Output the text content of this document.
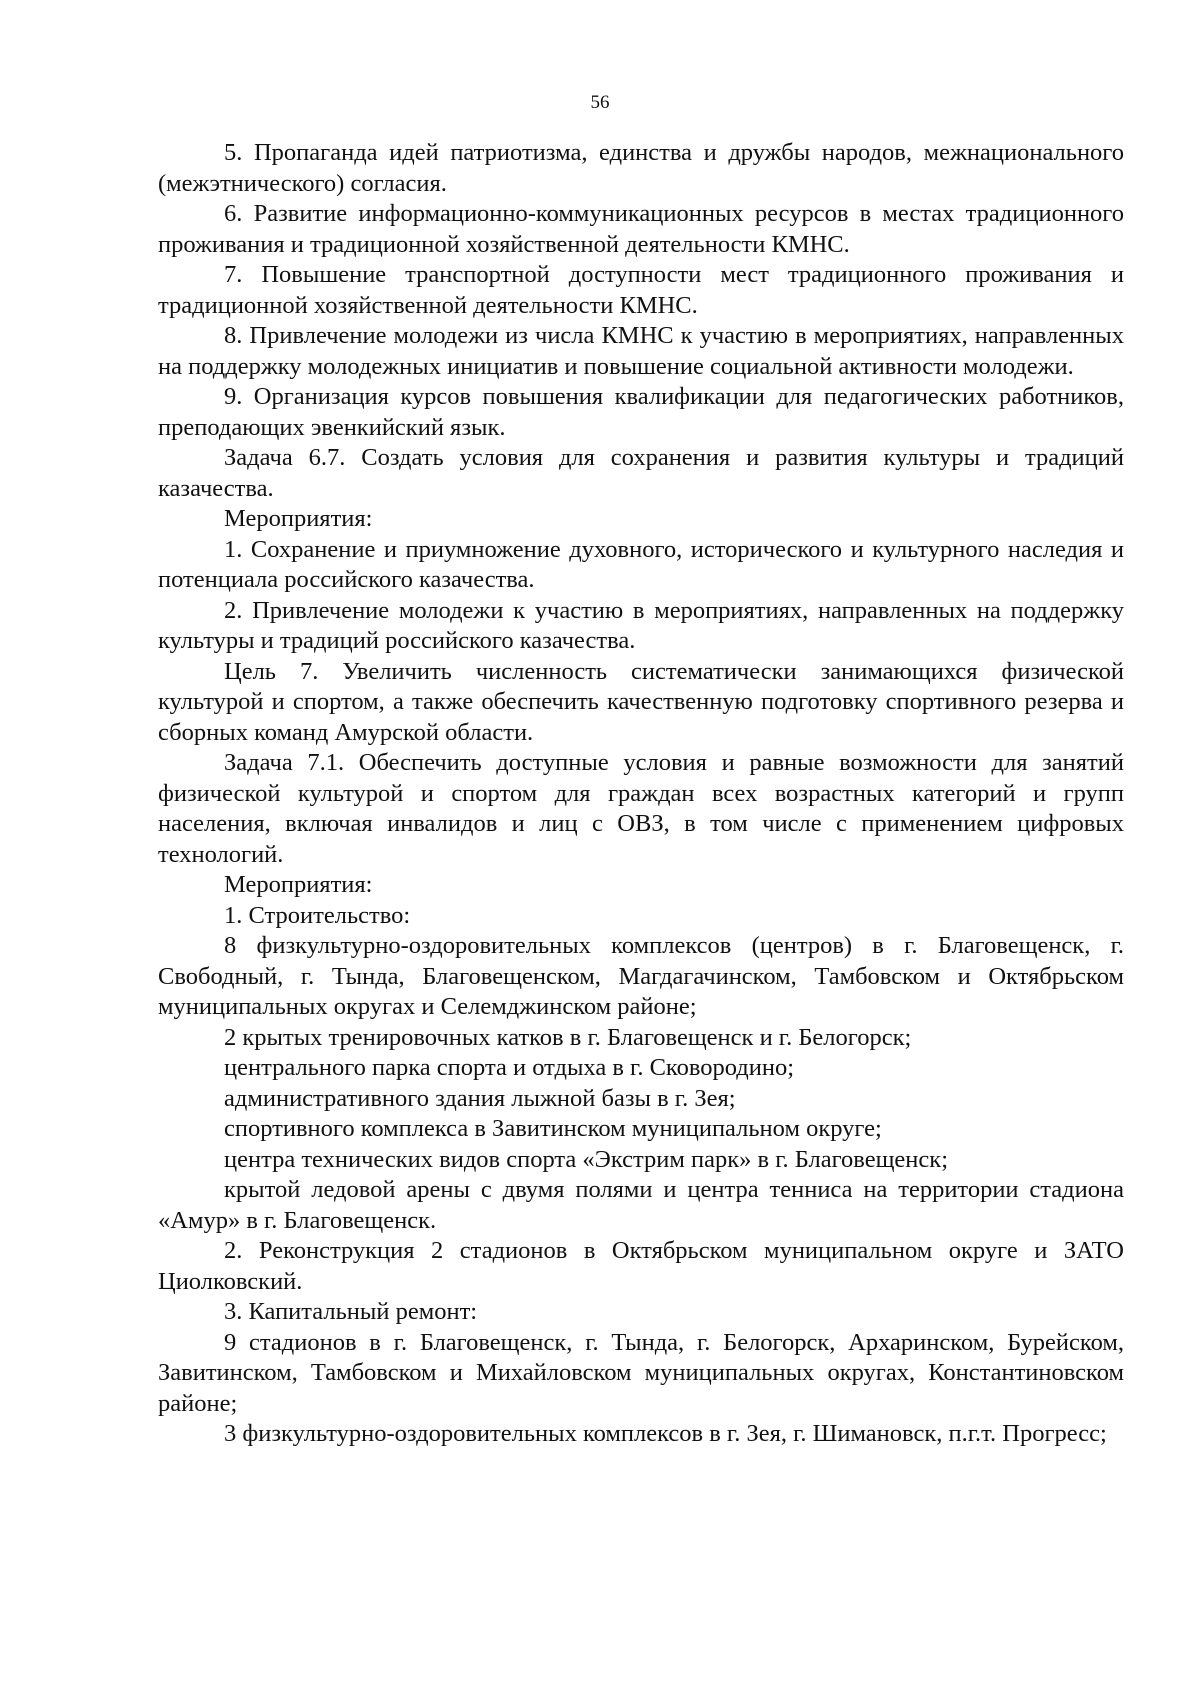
56

5. Пропаганда идей патриотизма, единства и дружбы народов, межнационального (межэтнического) согласия.

6. Развитие информационно-коммуникационных ресурсов в местах традиционного проживания и традиционной хозяйственной деятельности КМНС.

7. Повышение транспортной доступности мест традиционного проживания и традиционной хозяйственной деятельности КМНС.

8. Привлечение молодежи из числа КМНС к участию в мероприятиях, направленных на поддержку молодежных инициатив и повышение социальной активности молодежи.

9. Организация курсов повышения квалификации для педагогических работников, преподающих эвенкийский язык.

Задача 6.7. Создать условия для сохранения и развития культуры и традиций казачества.

Мероприятия:

1. Сохранение и приумножение духовного, исторического и культурного наследия и потенциала российского казачества.

2. Привлечение молодежи к участию в мероприятиях, направленных на поддержку культуры и традиций российского казачества.

Цель 7. Увеличить численность систематически занимающихся физической культурой и спортом, а также обеспечить качественную подготовку спортивного резерва и сборных команд Амурской области.

Задача 7.1. Обеспечить доступные условия и равные возможности для занятий физической культурой и спортом для граждан всех возрастных категорий и групп населения, включая инвалидов и лиц с ОВЗ, в том числе с применением цифровых технологий.

Мероприятия:

1. Строительство:

8 физкультурно-оздоровительных комплексов (центров) в г. Благовещенск, г. Свободный, г. Тында, Благовещенском, Магдагачинском, Тамбовском и Октябрьском муниципальных округах и Селемджинском районе;

2 крытых тренировочных катков в г. Благовещенск и г. Белогорск;

центрального парка спорта и отдыха в г. Сковородино;

административного здания лыжной базы в г. Зея;

спортивного комплекса в Завитинском муниципальном округе;

центра технических видов спорта «Экстрим парк» в г. Благовещенск;

крытой ледовой арены с двумя полями и центра тенниса на территории стадиона «Амур» в г. Благовещенск.

2. Реконструкция 2 стадионов в Октябрьском муниципальном округе и ЗАТО Циолковский.

3. Капитальный ремонт:

9 стадионов в г. Благовещенск, г. Тында, г. Белогорск, Архаринском, Бурейском, Завитинском, Тамбовском и Михайловском муниципальных округах, Константиновском районе;

3 физкультурно-оздоровительных комплексов в г. Зея, г. Шимановск, п.г.т. Прогресс;
